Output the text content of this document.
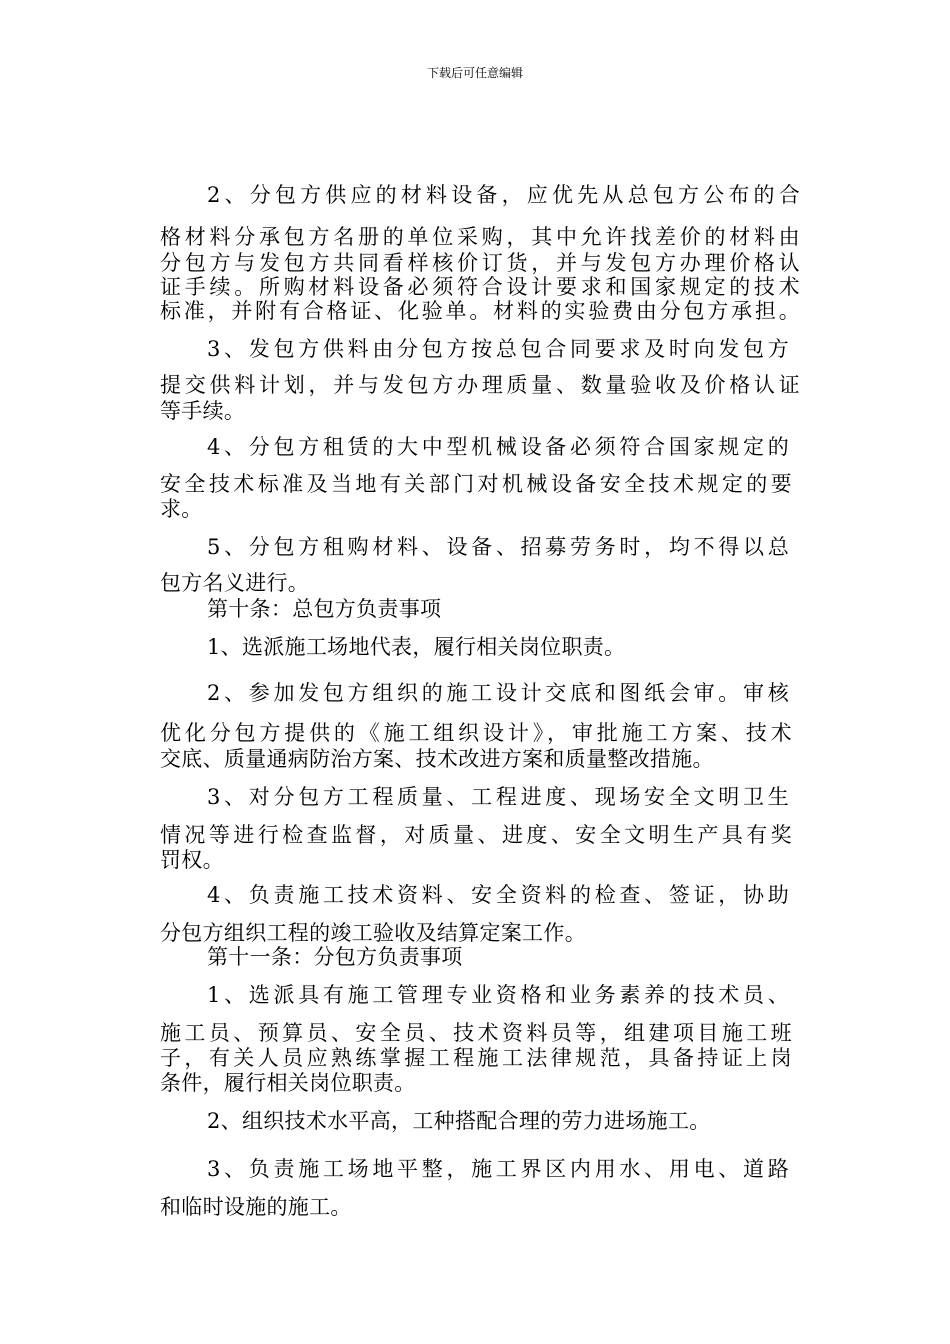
下载后可任意编辑
2、分包方供应的材料设备，应优先从总包方公布的合
格材料分承包方名册的单位采购，其中允许找差价的材料由
分包方与发包方共同看样核价订货，并与发包方办理价格认
证手续。所购材料设备必须符合设计要求和国家规定的技术
标准，并附有合格证、化验单。材料的实验费由分包方承担。
3、发包方供料由分包方按总包合同要求及时向发包方
提交供料计划，并与发包方办理质量、数量验收及价格认证
等手续。
4、分包方租赁的大中型机械设备必须符合国家规定的
安全技术标准及当地有关部门对机械设备安全技术规定的要
求。
5、分包方租购材料、设备、招募劳务时，均不得以总
包方名义进行。
第十条：总包方负责事项
1、选派施工场地代表，履行相关岗位职责。
2、参加发包方组织的施工设计交底和图纸会审。审核
优化分包方提供的《施工组织设计》，审批施工方案、技术
交底、质量通病防治方案、技术改进方案和质量整改措施。
3、对分包方工程质量、工程进度、现场安全文明卫生
情况等进行检查监督，对质量、进度、安全文明生产具有奖
罚权。
4、负责施工技术资料、安全资料的检查、签证，协助
分包方组织工程的竣工验收及结算定案工作。
第十一条：分包方负责事项
1、选派具有施工管理专业资格和业务素养的技术员、
施工员、预算员、安全员、技术资料员等，组建项目施工班
子，有关人员应熟练掌握工程施工法律规范，具备持证上岗
条件，履行相关岗位职责。
2、组织技术水平高，工种搭配合理的劳力进场施工。
3、负责施工场地平整，施工界区内用水、用电、道路
和临时设施的施工。
